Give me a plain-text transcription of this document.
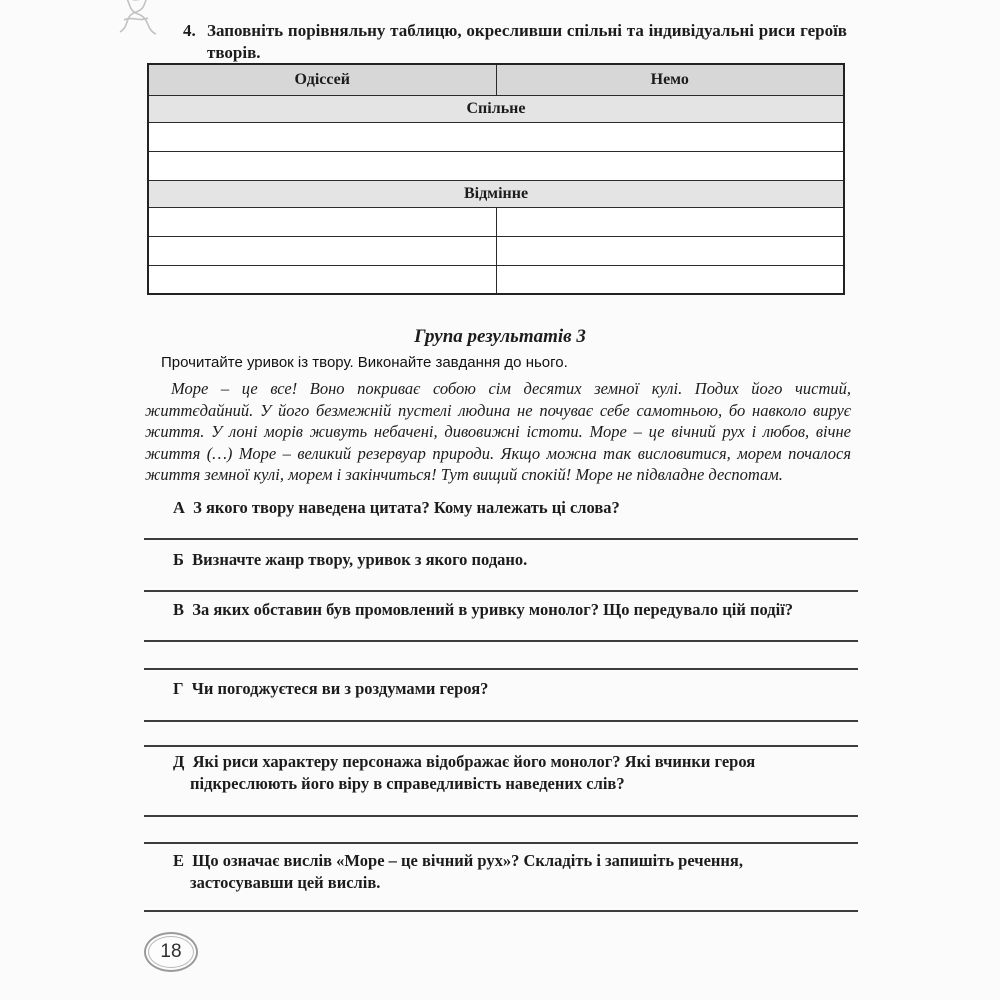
4. Заповніть порівняльну таблицю, окресливши спільні та індивідуальні риси героїв творів.
Одіссей	Немо
Спільне	

Відмінне	

Група результатів 3
Прочитайте уривок із твору. Виконайте завдання до нього.
Море – це все! Воно покриває собою сім десятих земної кулі. Подих його чистий, життєдайний. У його безмежній пустелі людина не почуває себе самотньою, бо навколо вирує життя. У лоні морів живуть небачені, дивовижні істоти. Море – це вічний рух і любов, вічне життя (…) Море – великий резервуар природи. Якщо можна так висловитися, морем почалося життя земної кулі, морем і закінчиться! Тут вищий спокій! Море не підвладне деспотам.
А З якого твору наведена цитата? Кому належать ці слова?
Б Визначте жанр твору, уривок з якого подано.
В За яких обставин був промовлений в уривку монолог? Що передувало цій події?
Г Чи погоджуєтеся ви з роздумами героя?
Д Які риси характеру персонажа відображає його монолог? Які вчинки героя підкреслюють його віру в справедливість наведених слів?
Е Що означає вислів «Море – це вічний рух»? Складіть і запишіть речення, застосувавши цей вислів.
18
